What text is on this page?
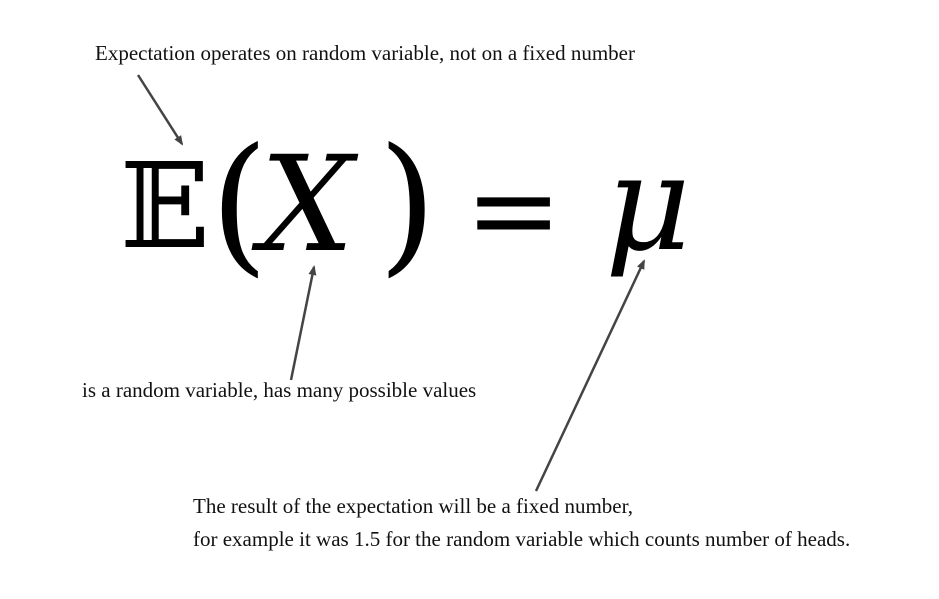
Expectation operates on random variable, not on a fixed number
is a random variable, has many possible values
The result of the expectation will be a fixed number,
for example it was 1.5 for the random variable which counts number of heads.
𝔼 (
X ) = μ
